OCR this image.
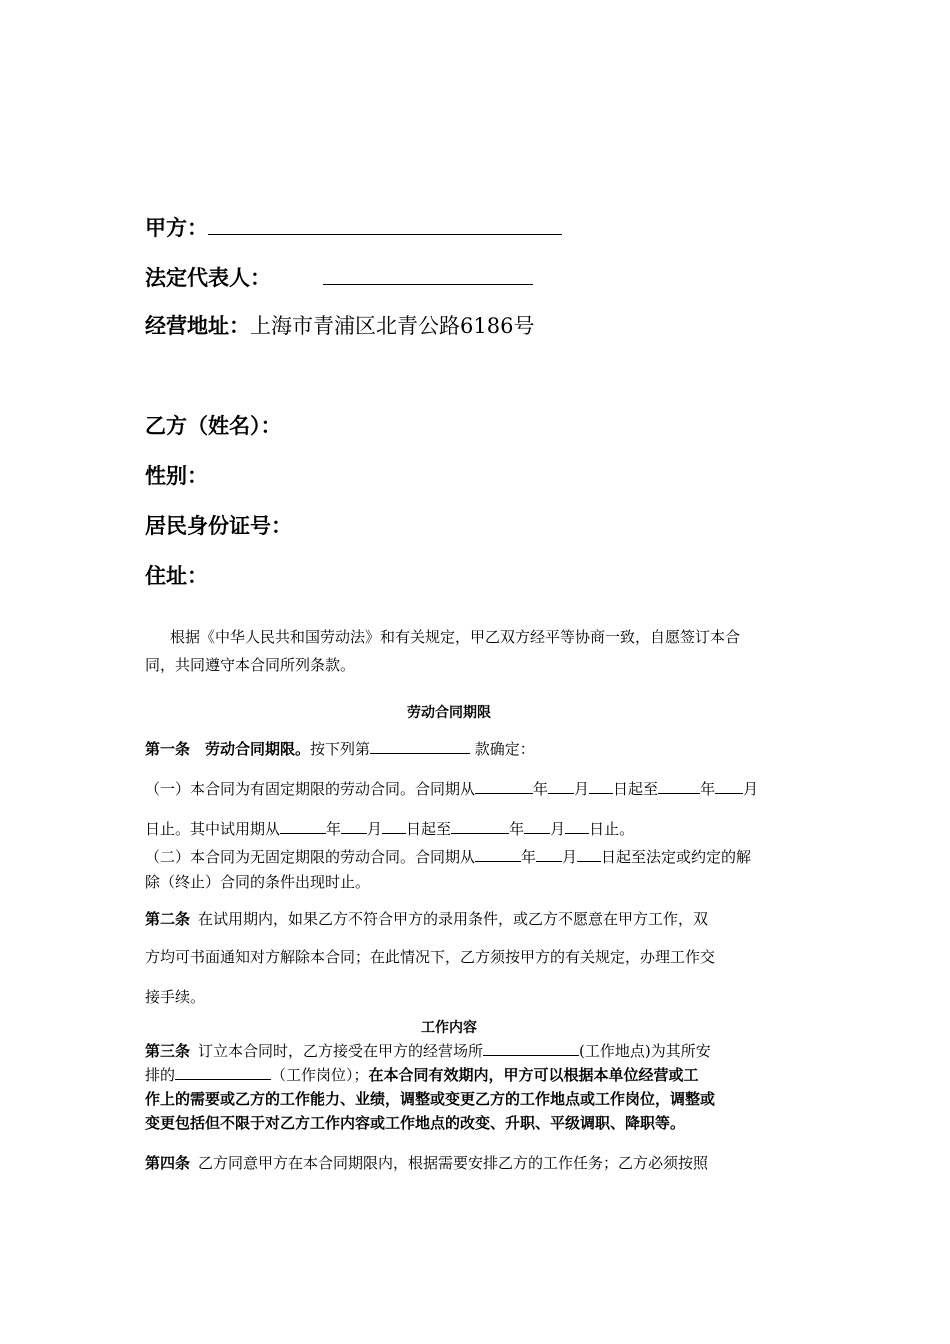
甲方：
法定代表人：
经营地址：上海市青浦区北青公路6186号
乙方（姓名）：
性别：
居民身份证号：
住址：
根据《中华人民共和国劳动法》和有关规定，甲乙双方经平等协商一致，自愿签订本合
同，共同遵守本合同所列条款。
劳动合同期限
第一条　劳动合同期限。按下列第	款确定：
（一）本合同为有固定期限的劳动合同。合同期从	年 月 日起至	年 月
日止。其中试用期从	年 月 日起至	年 月 日止。
（二）本合同为无固定期限的劳动合同。合同期从	年 月 日起至法定或约定的解
除（终止）合同的条件出现时止。
第二条 在试用期内，如果乙方不符合甲方的录用条件，或乙方不愿意在甲方工作，双
方均可书面通知对方解除本合同；在此情况下，乙方须按甲方的有关规定，办理工作交
接手续。
工作内容
第三条 订立本合同时，乙方接受在甲方的经营场所	(工作地点)为其所安
排的	（工作岗位）；在本合同有效期内，甲方可以根据本单位经营或工
作上的需要或乙方的工作能力、业绩，调整或变更乙方的工作地点或工作岗位，调整或
变更包括但不限于对乙方工作内容或工作地点的改变、升职、平级调职、降职等。
第四条 乙方同意甲方在本合同期限内，根据需要安排乙方的工作任务；乙方必须按照
